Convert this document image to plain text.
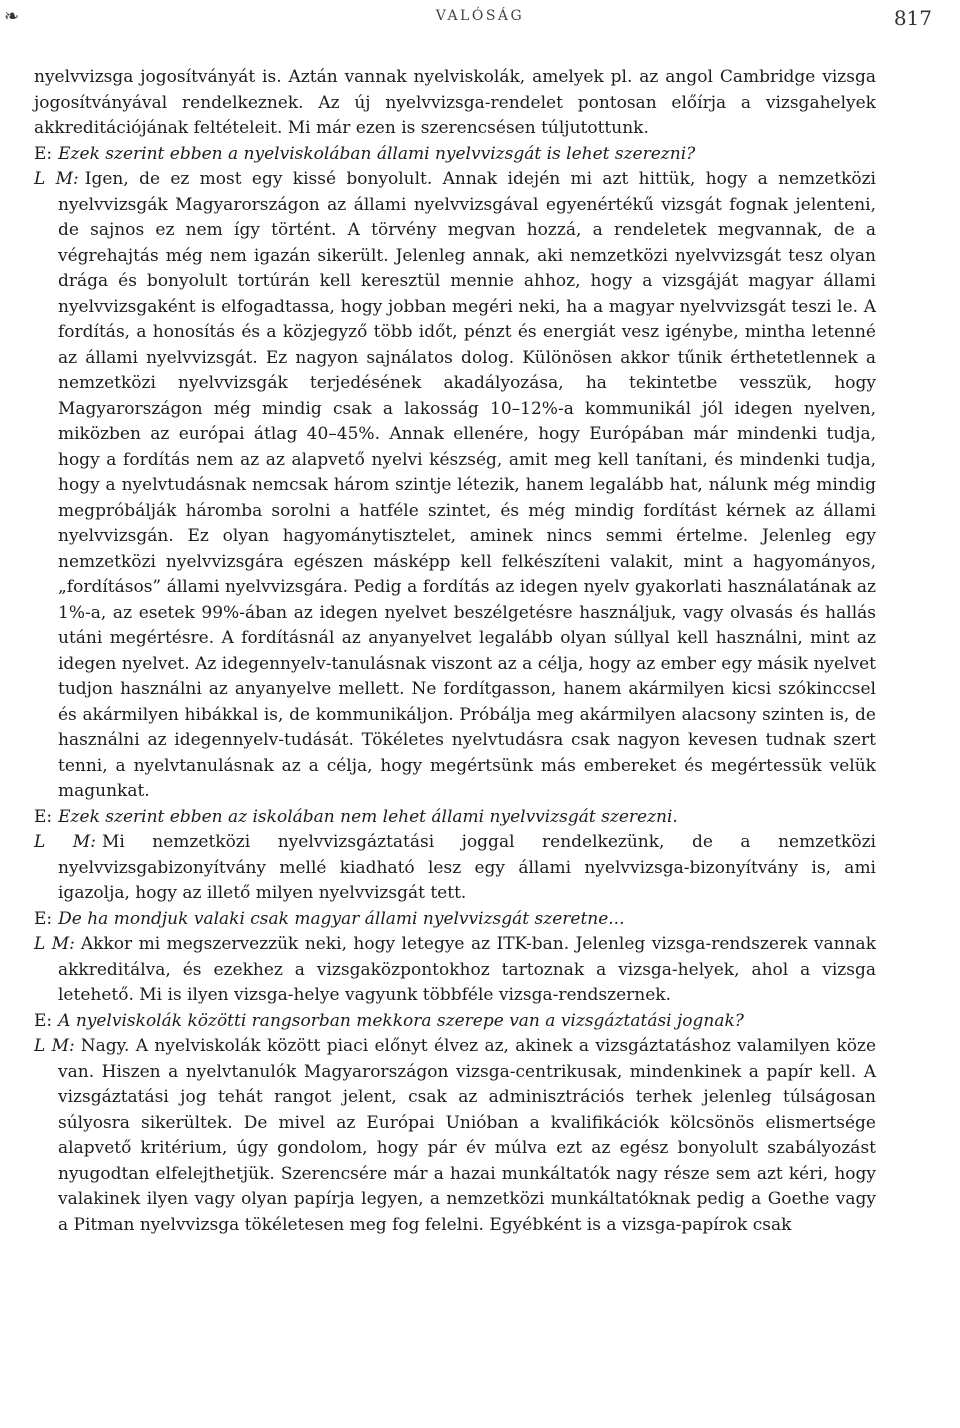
❧	VALÓSÁG	817

nyelvvizsga jogosítványát is. Aztán vannak nyelviskolák, amelyek pl. az angol Cambridge vizsga jogosítványával rendelkeznek. Az új nyelvvizsga-rendelet pontosan előírja a vizsgahelyek akkreditációjának feltételeit. Mi már ezen is szerencsésen túljutottunk.

E: Ezek szerint ebben a nyelviskolában állami nyelvvizsgát is lehet szerezni?

L M: Igen, de ez most egy kissé bonyolult. Annak idején mi azt hittük, hogy a nemzetközi nyelvvizsgák Magyarországon az állami nyelvvizsgával egyenértékű vizsgát fognak jelenteni, de sajnos ez nem így történt. A törvény megvan hozzá, a rendeletek megvannak, de a végrehajtás még nem igazán sikerült. Jelenleg annak, aki nemzetközi nyelvvizsgát tesz olyan drága és bonyolult tortúrán kell keresztül mennie ahhoz, hogy a vizsgáját magyar állami nyelvvizsgaként is elfogadtassa, hogy jobban megéri neki, ha a magyar nyelvvizsgát teszi le. A fordítás, a honosítás és a közjegyző több időt, pénzt és energiát vesz igénybe, mintha letenné az állami nyelvvizsgát. Ez nagyon sajnálatos dolog. Különösen akkor tűnik érthetetlennek a nemzetközi nyelvvizsgák terjedésének akadályozása, ha tekintetbe vesszük, hogy Magyarországon még mindig csak a lakosság 10–12%-a kommunikál jól idegen nyelven, miközben az európai átlag 40–45%. Annak ellenére, hogy Európában már mindenki tudja, hogy a fordítás nem az az alapvető nyelvi készség, amit meg kell tanítani, és mindenki tudja, hogy a nyelvtudásnak nemcsak három szintje létezik, hanem legalább hat, nálunk még mindig megpróbálják háromba sorolni a hatféle szintet, és még mindig fordítást kérnek az állami nyelvvizsgán. Ez olyan hagyománytisztelet, aminek nincs semmi értelme. Jelenleg egy nemzetközi nyelvvizsgára egészen másképp kell felkészíteni valakit, mint a hagyományos, „fordításos” állami nyelvvizsgára. Pedig a fordítás az idegen nyelv gyakorlati használatának az 1%-a, az esetek 99%-ában az idegen nyelvet beszélgetésre használjuk, vagy olvasás és hallás utáni megértésre. A fordításnál az anyanyelvet legalább olyan súllyal kell használni, mint az idegen nyelvet. Az idegennyelv-tanulásnak viszont az a célja, hogy az ember egy másik nyelvet tudjon használni az anyanyelve mellett. Ne fordítgasson, hanem akármilyen kicsi szókinccsel és akármilyen hibákkal is, de kommunikáljon. Próbálja meg akármilyen alacsony szinten is, de használni az idegennyelv-tudását. Tökéletes nyelvtudásra csak nagyon kevesen tudnak szert tenni, a nyelvtanulásnak az a célja, hogy megértsünk más embereket és megértessük velük magunkat.

E: Ezek szerint ebben az iskolában nem lehet állami nyelvvizsgát szerezni.

L M: Mi nemzetközi nyelvvizsgáztatási joggal rendelkezünk, de a nemzetközi nyelvvizsgabizonyítvány mellé kiadható lesz egy állami nyelvvizsga-bizonyítvány is, ami igazolja, hogy az illető milyen nyelvvizsgát tett.

E: De ha mondjuk valaki csak magyar állami nyelvvizsgát szeretne...

L M: Akkor mi megszervezzük neki, hogy letegye az ITK-ban. Jelenleg vizsga-rendszerek vannak akkreditálva, és ezekhez a vizsgaközpontokhoz tartoznak a vizsga-helyek, ahol a vizsga letehető. Mi is ilyen vizsga-helye vagyunk többféle vizsga-rendszernek.

E: A nyelviskolák közötti rangsorban mekkora szerepe van a vizsgáztatási jognak?

L M: Nagy. A nyelviskolák között piaci előnyt élvez az, akinek a vizsgáztatáshoz valamilyen köze van. Hiszen a nyelvtanulók Magyarországon vizsga-centrikusak, mindenkinek a papír kell. A vizsgáztatási jog tehát rangot jelent, csak az adminisztrációs terhek jelenleg túlságosan súlyosra sikerültek. De mivel az Európai Unióban a kvalifikációk kölcsönös elismertsége alapvető kritérium, úgy gondolom, hogy pár év múlva ezt az egész bonyolult szabályozást nyugodtan elfelejthetjük. Szerencsére már a hazai munkáltatók nagy része sem azt kéri, hogy valakinek ilyen vagy olyan papírja legyen, a nemzetközi munkáltatóknak pedig a Goethe vagy a Pitman nyelvvizsga tökéletesen meg fog felelni. Egyébként is a vizsga-papírok csak
